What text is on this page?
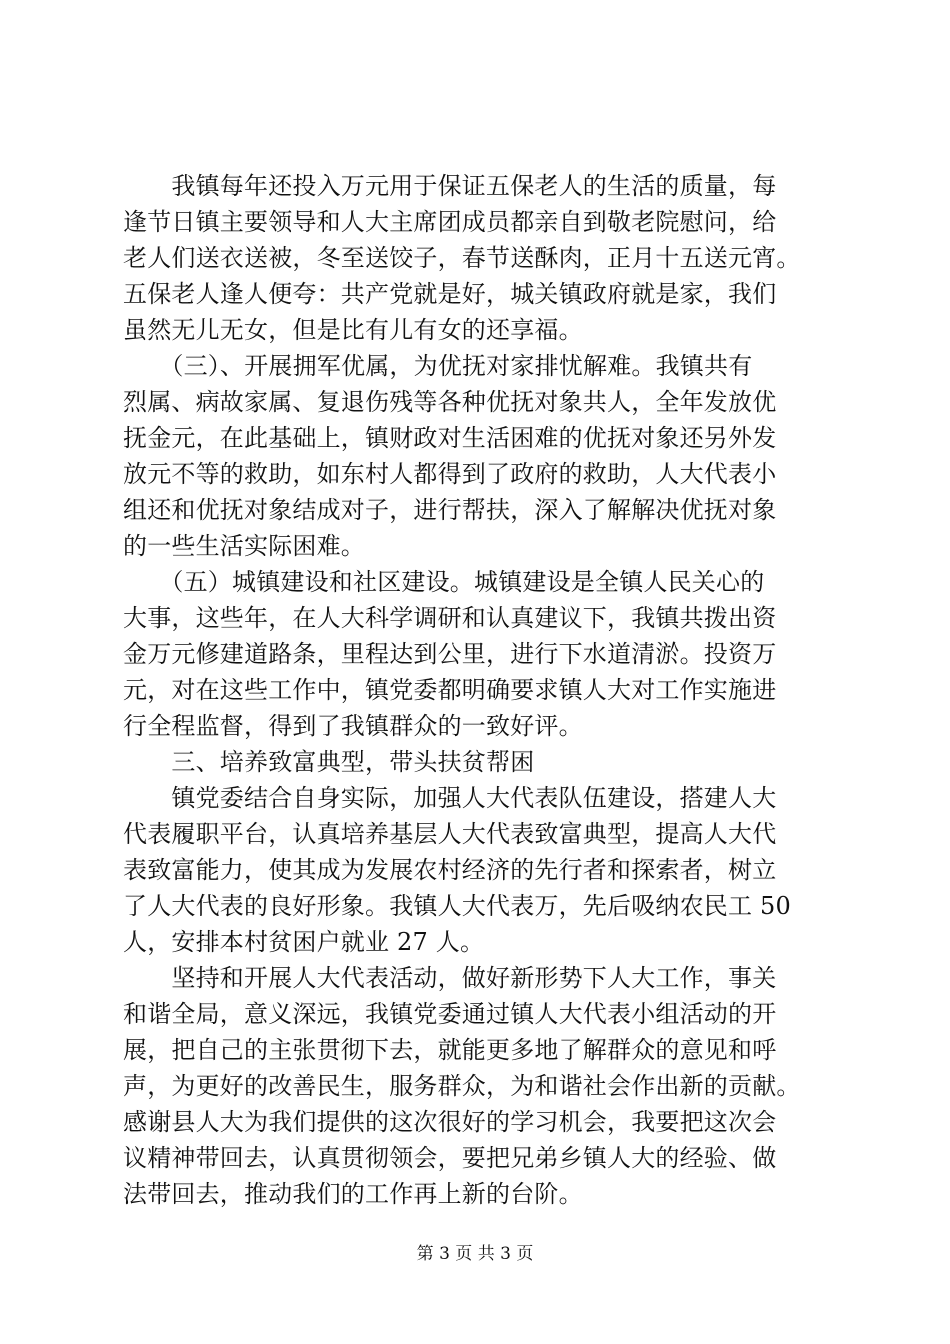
　　我镇每年还投入万元用于保证五保老人的生活的质量，每
逢节日镇主要领导和人大主席团成员都亲自到敬老院慰问，给
老人们送衣送被，冬至送饺子，春节送酥肉，正月十五送元宵。
五保老人逢人便夸：共产党就是好，城关镇政府就是家，我们
虽然无儿无女，但是比有儿有女的还享福。
　　（三）、开展拥军优属，为优抚对家排忧解难。我镇共有
烈属、病故家属、复退伤残等各种优抚对象共人，全年发放优
抚金元，在此基础上，镇财政对生活困难的优抚对象还另外发
放元不等的救助，如东村人都得到了政府的救助，人大代表小
组还和优抚对象结成对子，进行帮扶，深入了解解决优抚对象
的一些生活实际困难。
　　（五）城镇建设和社区建设。城镇建设是全镇人民关心的
大事，这些年，在人大科学调研和认真建议下，我镇共拨出资
金万元修建道路条，里程达到公里，进行下水道清淤。投资万
元，对在这些工作中，镇党委都明确要求镇人大对工作实施进
行全程监督，得到了我镇群众的一致好评。
　　三、培养致富典型，带头扶贫帮困
　　镇党委结合自身实际，加强人大代表队伍建设，搭建人大
代表履职平台，认真培养基层人大代表致富典型，提高人大代
表致富能力，使其成为发展农村经济的先行者和探索者，树立
了人大代表的良好形象。我镇人大代表万，先后吸纳农民工 50
人，安排本村贫困户就业 27 人。
　　坚持和开展人大代表活动，做好新形势下人大工作，事关
和谐全局，意义深远，我镇党委通过镇人大代表小组活动的开
展，把自己的主张贯彻下去，就能更多地了解群众的意见和呼
声，为更好的改善民生，服务群众，为和谐社会作出新的贡献。
感谢县人大为我们提供的这次很好的学习机会，我要把这次会
议精神带回去，认真贯彻领会，要把兄弟乡镇人大的经验、做
法带回去，推动我们的工作再上新的台阶。
第 3 页 共 3 页
